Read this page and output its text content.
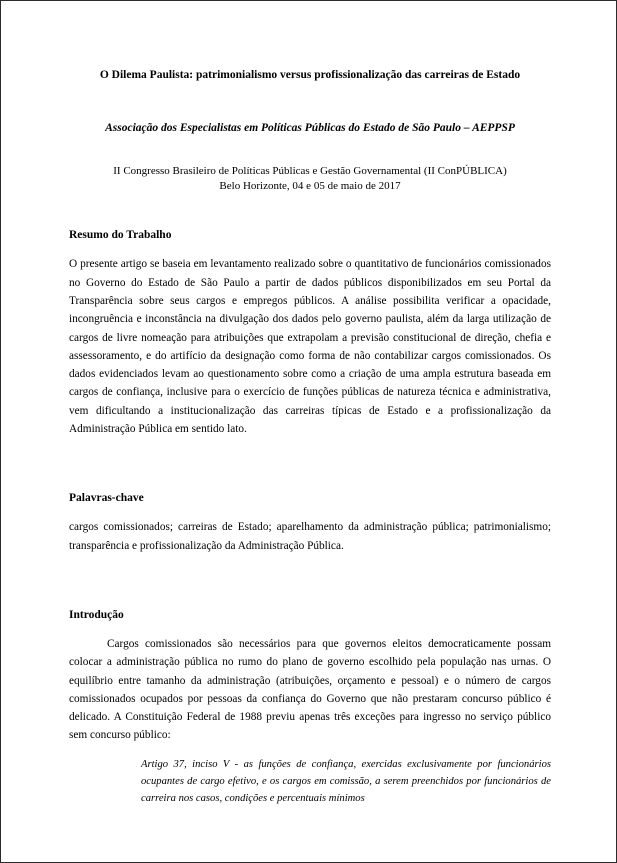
O Dilema Paulista: patrimonialismo versus profissionalização das carreiras de Estado
Associação dos Especialistas em Políticas Públicas do Estado de São Paulo – AEPPSP
II Congresso Brasileiro de Políticas Públicas e Gestão Governamental (II ConPÚBLICA)
Belo Horizonte, 04 e 05 de maio de 2017
Resumo do Trabalho

O presente artigo se baseia em levantamento realizado sobre o quantitativo de funcionários comissionados no Governo do Estado de São Paulo a partir de dados públicos disponibilizados em seu Portal da Transparência sobre seus cargos e empregos públicos. A análise possibilita verificar a opacidade, incongruência e inconstância na divulgação dos dados pelo governo paulista, além da larga utilização de cargos de livre nomeação para atribuições que extrapolam a previsão constitucional de direção, chefia e assessoramento, e do artifício da designação como forma de não contabilizar cargos comissionados. Os dados evidenciados levam ao questionamento sobre como a criação de uma ampla estrutura baseada em cargos de confiança, inclusive para o exercício de funções públicas de natureza técnica e administrativa, vem dificultando a institucionalização das carreiras típicas de Estado e a profissionalização da Administração Pública em sentido lato.

Palavras-chave

cargos comissionados; carreiras de Estado; aparelhamento da administração pública; patrimonialismo; transparência e profissionalização da Administração Pública.

Introdução

Cargos comissionados são necessários para que governos eleitos democraticamente possam colocar a administração pública no rumo do plano de governo escolhido pela população nas urnas. O equilíbrio entre tamanho da administração (atribuições, orçamento e pessoal) e o número de cargos comissionados ocupados por pessoas da confiança do Governo que não prestaram concurso público é delicado. A Constituição Federal de 1988 previu apenas três exceções para ingresso no serviço público sem concurso público:

Artigo 37, inciso V - as funções de confiança, exercidas exclusivamente por funcionários ocupantes de cargo efetivo, e os cargos em comissão, a serem preenchidos por funcionários de carreira nos casos, condições e percentuais mínimos
